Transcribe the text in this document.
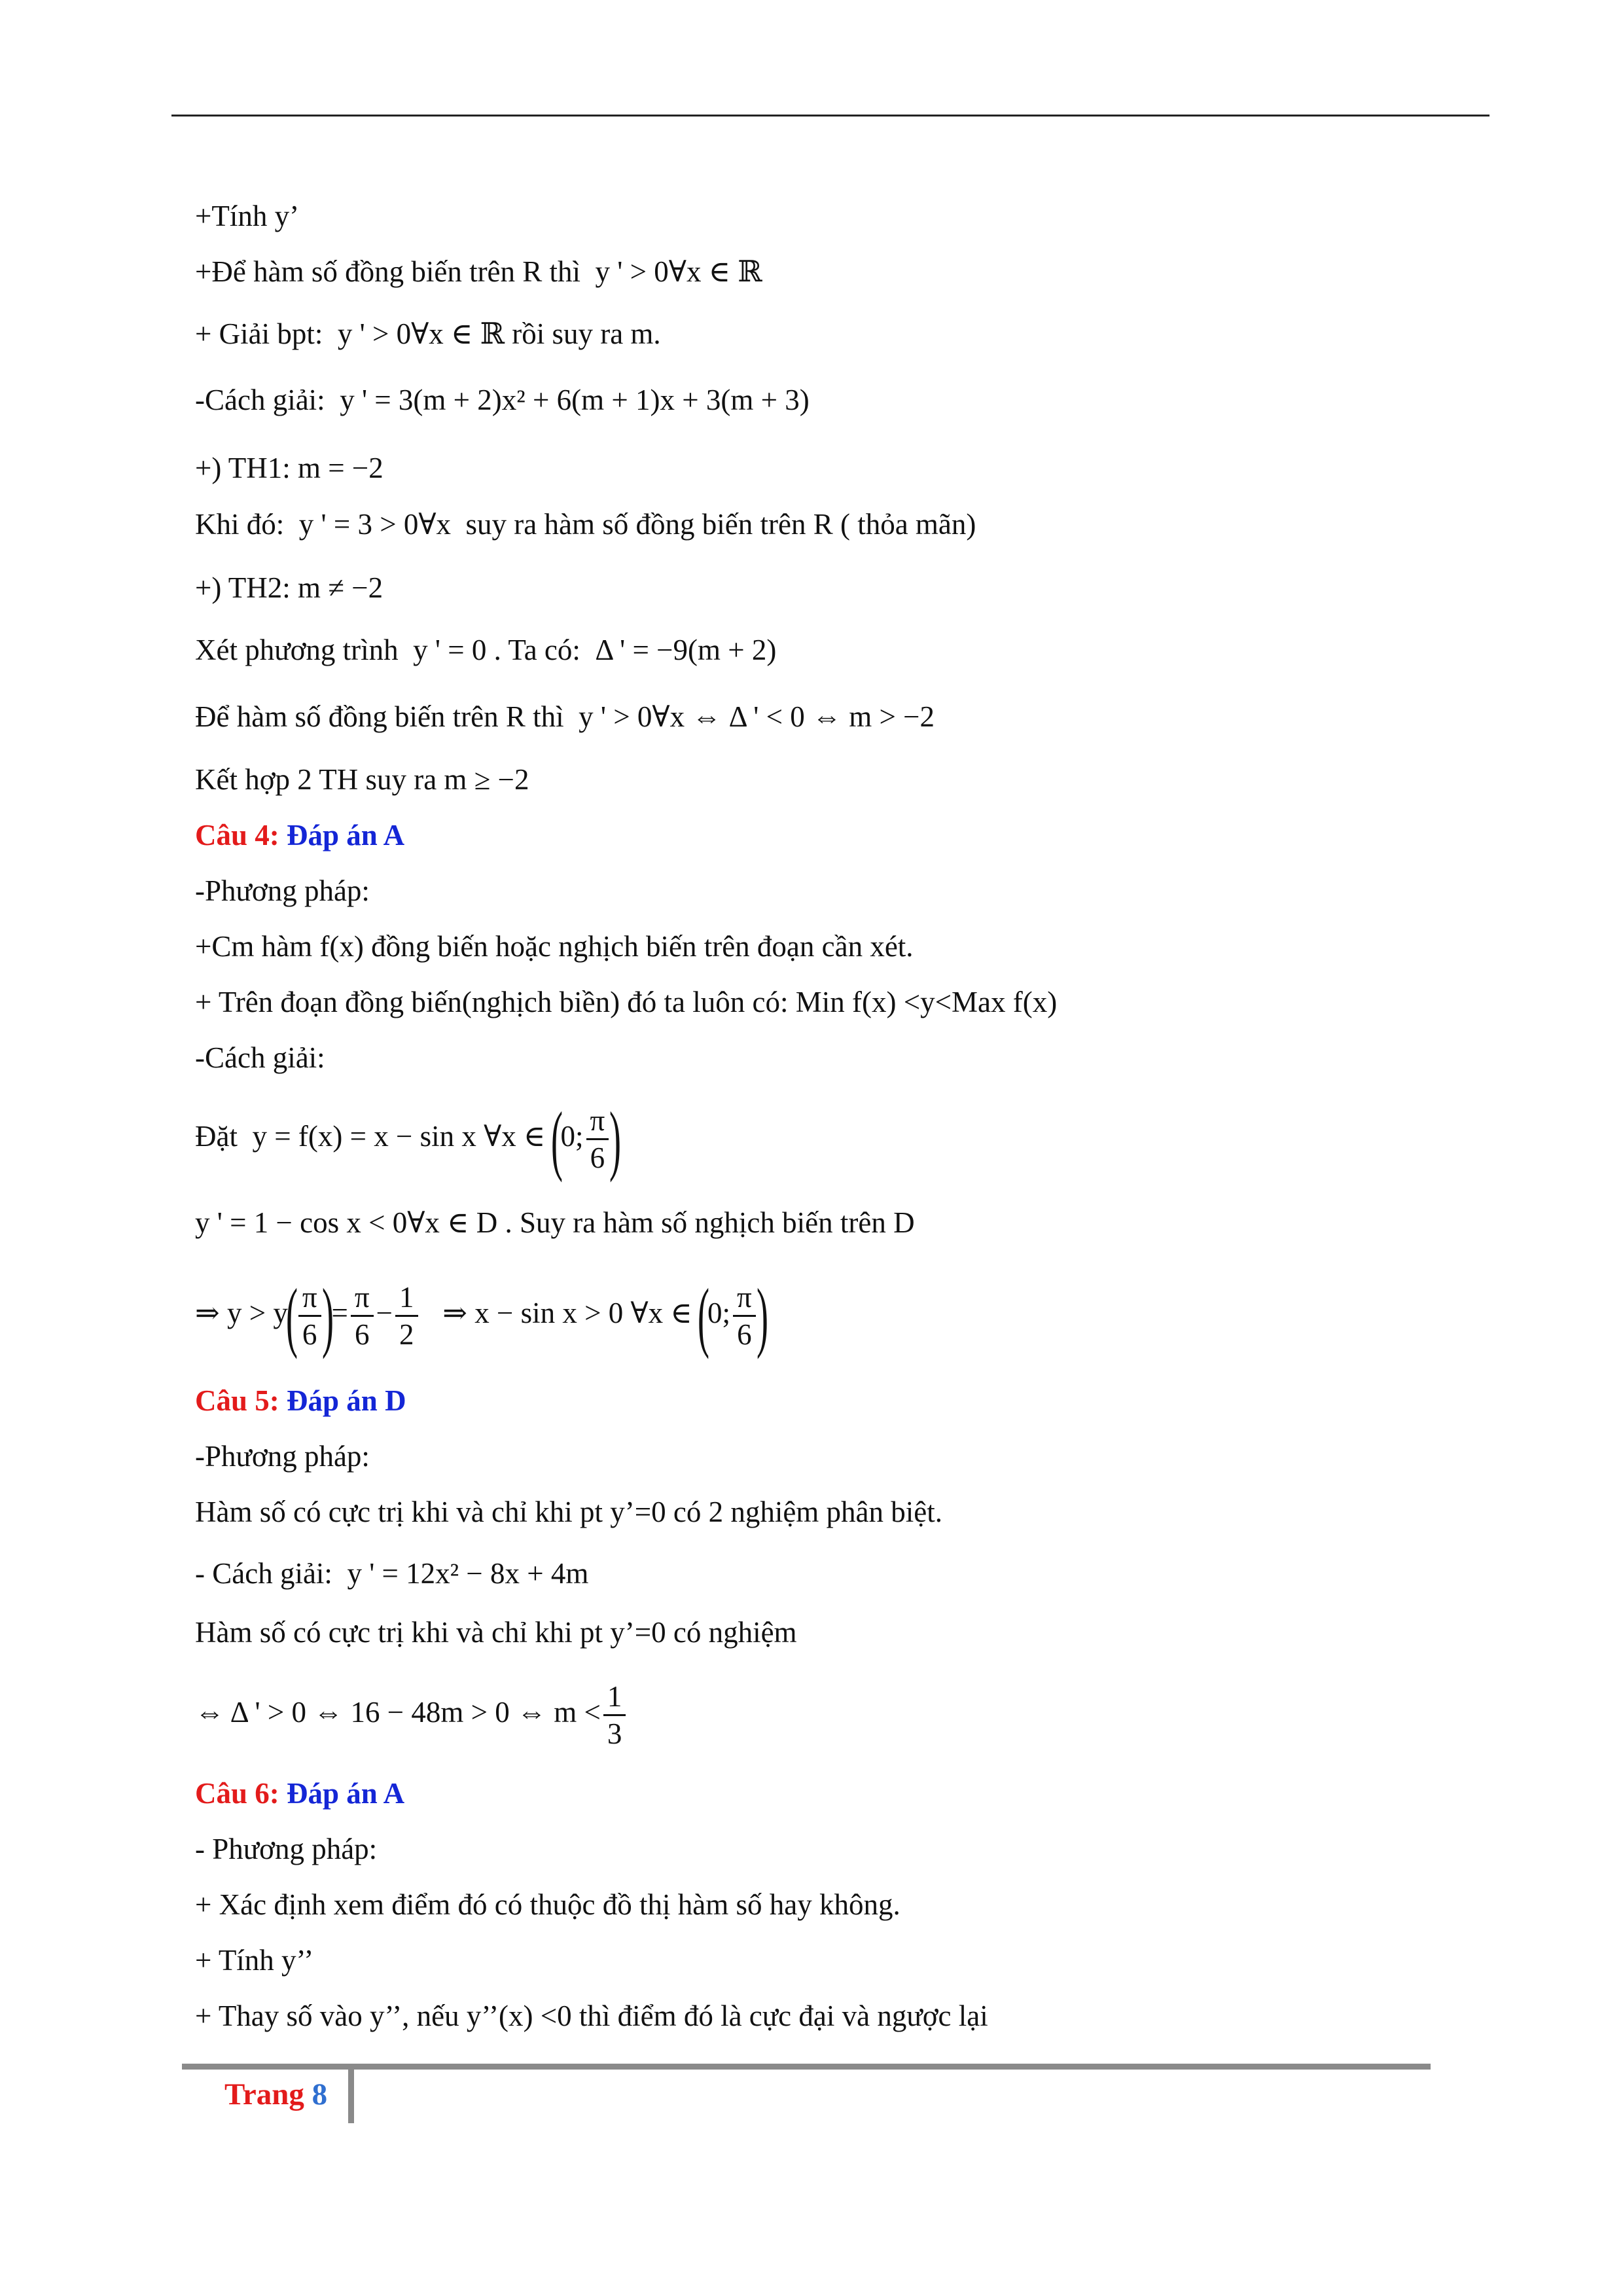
+Tính y’
+Để hàm số đồng biến trên R thì y ' > 0∀x ∈ ℝ
+ Giải bpt: y ' > 0∀x ∈ ℝ rồi suy ra m.
-Cách giải: y ' = 3(m + 2)x² + 6(m + 1)x + 3(m + 3)
+) TH1: m = −2
Khi đó: y ' = 3 > 0∀x suy ra hàm số đồng biến trên R ( thỏa mãn)
+) TH2: m ≠ −2
Xét phương trình y ' = 0 . Ta có: Δ ' = −9(m + 2)
Để hàm số đồng biến trên R thì y ' > 0∀x ⇔ Δ ' < 0 ⇔ m > −2
Kết hợp 2 TH suy ra m ≥ −2
Câu 4: Đáp án A
-Phương pháp:
+Cm hàm f(x) đồng biến hoặc nghịch biến trên đoạn cần xét.
+ Trên đoạn đồng biến(nghịch biền) đó ta luôn có: Min f(x) <y<Max f(x)
-Cách giải:
Đặt y = f(x) = x − sin x ∀x ∈ (0; $\frac{\pi}{6}$ )
y ' = 1 − cos x < 0∀x ∈ D . Suy ra hàm số nghịch biến trên D
⇒ $y > y( \frac{\pi}{6}$ )= $\frac{\pi}{6} - \frac{1}{2}$ ⇒ x − sin x > 0 ∀x ∈ (0; $\frac{\pi}{6}$ )
Câu 5: Đáp án D
-Phương pháp:
Hàm số có cực trị khi và chỉ khi pt y’=0 có 2 nghiệm phân biệt.
- Cách giải: y ' = 12x² − 8x + 4m
Hàm số có cực trị khi và chỉ khi pt y’=0 có nghiệm
⇔ Δ ' > 0 ⇔ 16 − 48m > 0 ⇔ $m < \frac{1}{3}$
Câu 6: Đáp án A
- Phương pháp:
+ Xác định xem điểm đó có thuộc đồ thị hàm số hay không.
+ Tính y’’
+ Thay số vào y’’, nếu y’’(x) <0 thì điểm đó là cực đại và ngược lại
Trang 8
